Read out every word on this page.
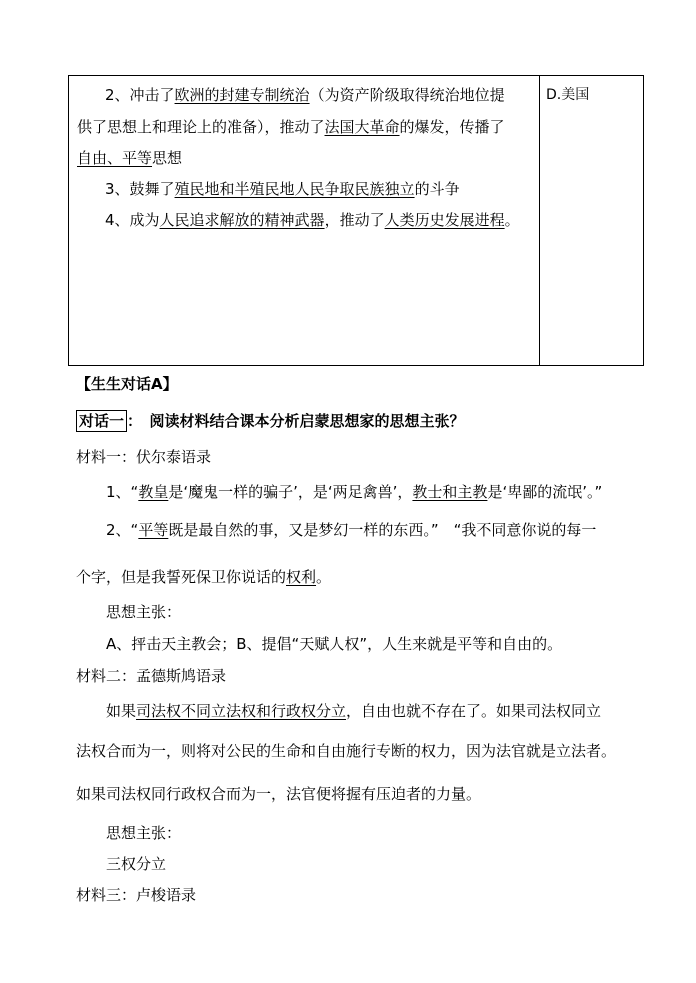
2、冲击了欧洲的封建专制统治（为资产阶级取得统治地位提
供了思想上和理论上的准备），推动了法国大革命的爆发，传播了
自由、平等思想
3、鼓舞了殖民地和半殖民地人民争取民族独立的斗争
4、成为人民追求解放的精神武器，推动了人类历史发展进程。
	D.美国
【生生对话A】
对话一 ：　 阅读材料结合课本分析启蒙思想家的思想主张？
材料一：伏尔泰语录
1、“教皇是‘魔鬼一样的骗子’，是‘两足禽兽’，教士和主教是‘卑鄙的流氓’。”
2、“平等既是最自然的事，又是梦幻一样的东西。”　“我不同意你说的每一
个字，但是我誓死保卫你说话的权利。
思想主张：
A、抨击天主教会；B、提倡“天赋人权”，人生来就是平等和自由的。
材料二：孟德斯鸠语录
如果司法权不同立法权和行政权分立，自由也就不存在了。如果司法权同立
法权合而为一，则将对公民的生命和自由施行专断的权力，因为法官就是立法者。
如果司法权同行政权合而为一，法官便将握有压迫者的力量。
思想主张：
三权分立
材料三：卢梭语录
